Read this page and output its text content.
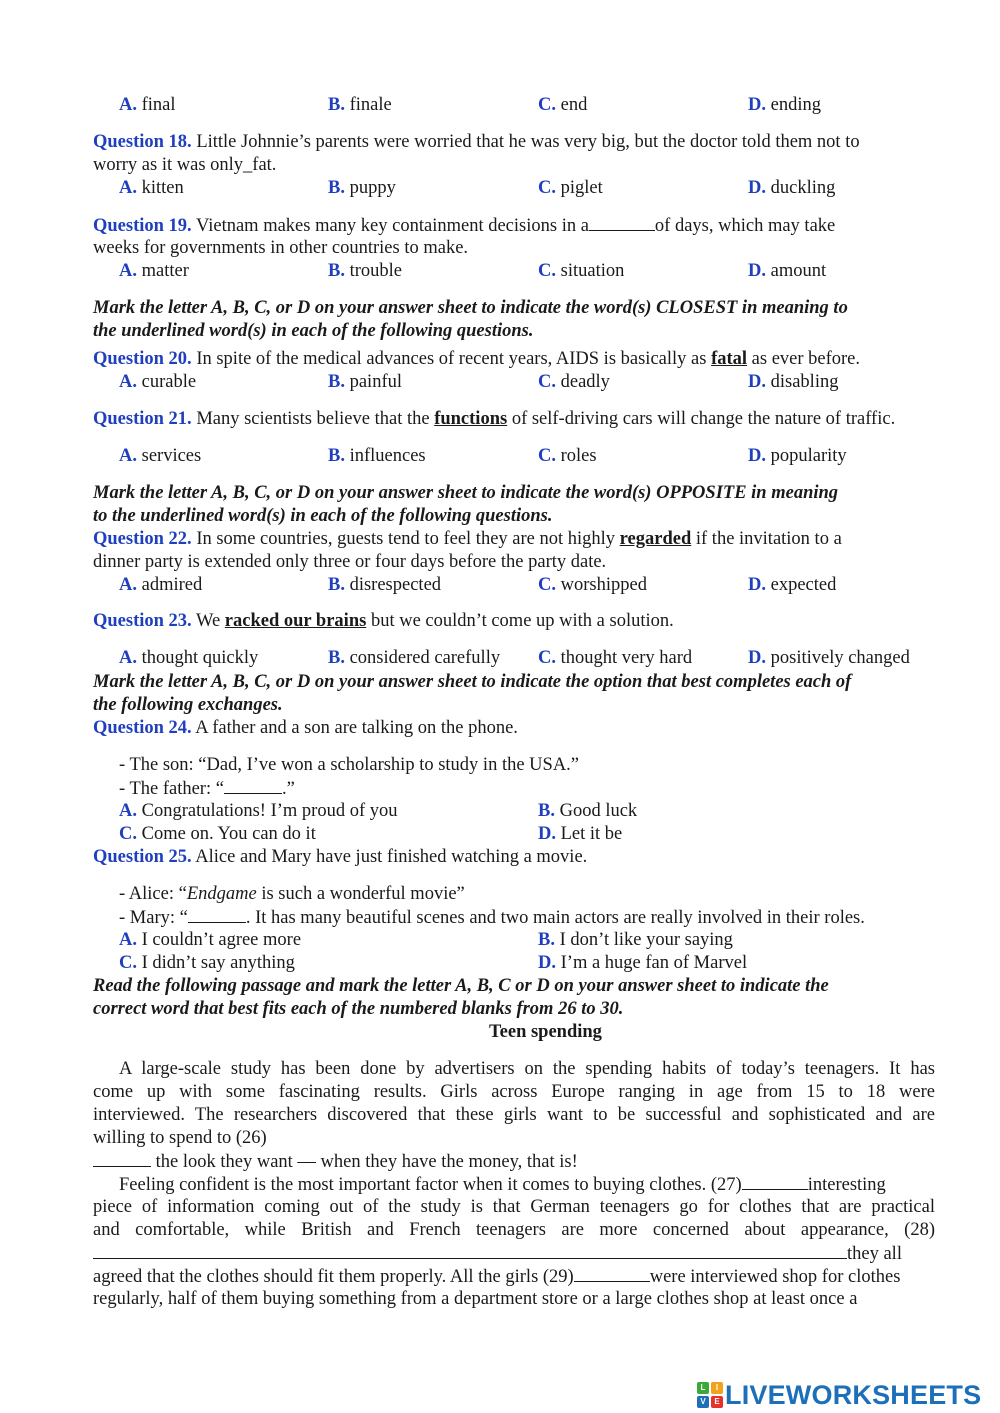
A. final	B. finale	C. end	D. ending
Question 18. Little Johnnie’s parents were worried that he was very big, but the doctor told them not to
worry as it was only_fat.
A. kitten	B. puppy	C. piglet	D. duckling
Question 19. Vietnam makes many key containment decisions in a	of days, which may take
weeks for governments in other countries to make.
A. matter	B. trouble	C. situation	D. amount
Mark the letter A, B, C, or D on your answer sheet to indicate the word(s) CLOSEST in meaning to
the underlined word(s) in each of the following questions.
Question 20. In spite of the medical advances of recent years, AIDS is basically as fatal as ever before.
A. curable	B. painful	C. deadly	D. disabling
Question 21. Many scientists believe that the functions of self-driving cars will change the nature of traffic.
A. services	B. influences	C. roles	D. popularity
Mark the letter A, B, C, or D on your answer sheet to indicate the word(s) OPPOSITE in meaning
to the underlined word(s) in each of the following questions.
Question 22. In some countries, guests tend to feel they are not highly regarded if the invitation to a
dinner party is extended only three or four days before the party date.
A. admired	B. disrespected	C. worshipped	D. expected
Question 23. We racked our brains but we couldn’t come up with a solution.
A. thought quickly	B. considered carefully C. thought very hard	D. positively changed
Mark the letter A, B, C, or D on your answer sheet to indicate the option that best completes each of
the following exchanges.
Question 24. A father and a son are talking on the phone.
- The son: “Dad, I’ve won a scholarship to study in the USA.”
- The father: “	.”
A. Congratulations! I’m proud of you	B. Good luck
C. Come on. You can do it	D. Let it be
Question 25. Alice and Mary have just finished watching a movie.
- Alice: “Endgame is such a wonderful movie”
- Mary: “	. It has many beautiful scenes and two main actors are really involved in their roles.
A. I couldn’t agree more	B. I don’t like your saying
C. I didn’t say anything	D. I’m a huge fan of Marvel
Read the following passage and mark the letter A, B, C or D on your answer sheet to indicate the
correct word that best fits each of the numbered blanks from 26 to 30.
Teen spending
A large-scale study has been done by advertisers on the spending habits of today’s teenagers. It has
come up with some fascinating results. Girls across Europe ranging in age from 15 to 18 were
interviewed. The researchers discovered that these girls want to be successful and sophisticated and are
willing to spend to (26)
the look they want — when they have the money, that is!
Feeling confident is the most important factor when it comes to buying clothes. (27)	interesting
piece of information coming out of the study is that German teenagers go for clothes that are practical
and comfortable, while British and French teenagers are more concerned about appearance, (28)
they all
agreed that the clothes should fit them properly. All the girls (29)	were interviewed shop for clothes
regularly, half of them buying something from a department store or a large clothes shop at least once a
L	I
V	E LIVEWORKSHEETS
